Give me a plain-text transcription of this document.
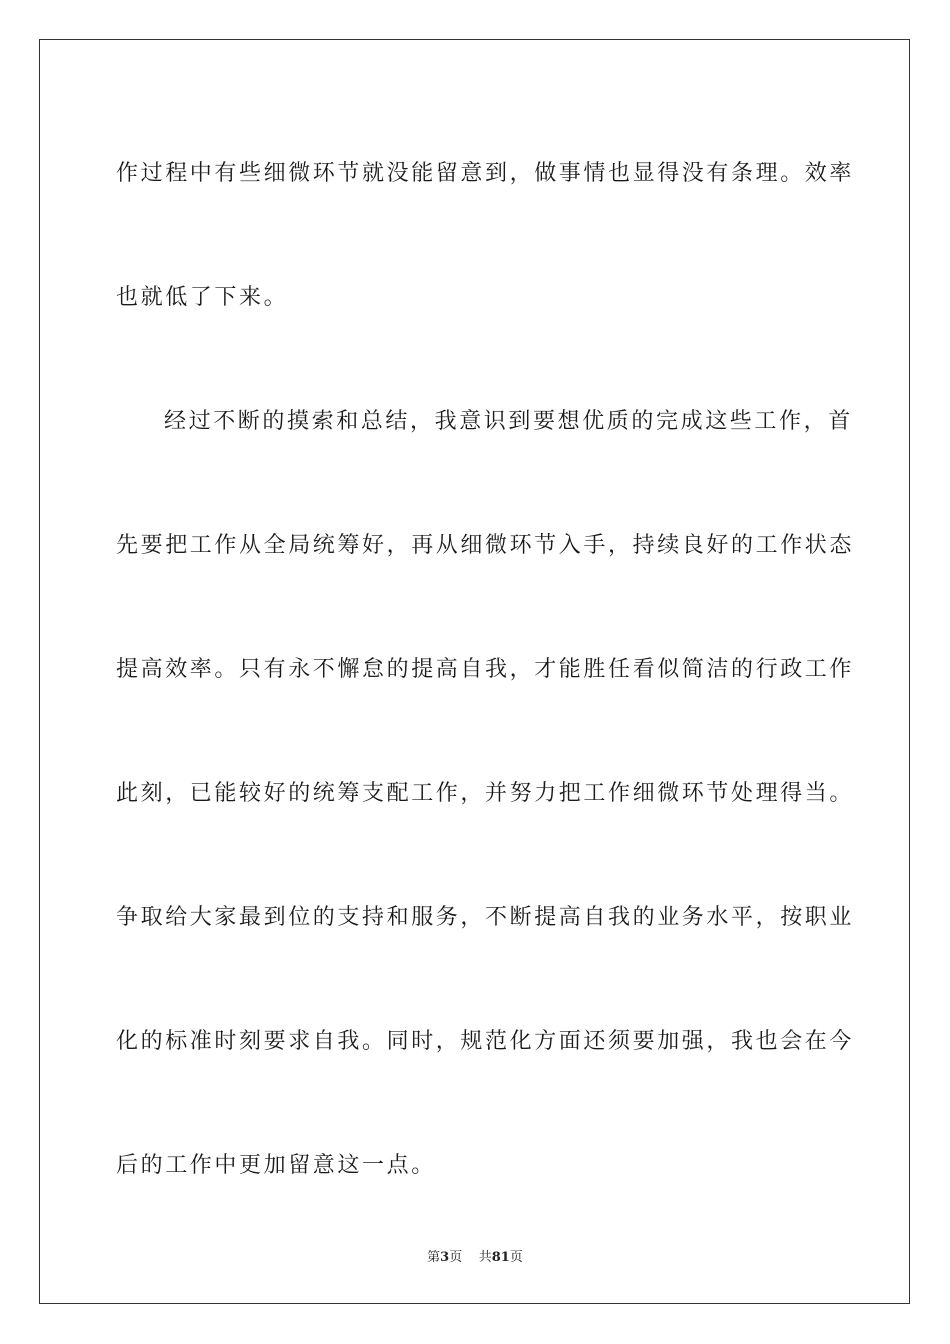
作过程中有些细微环节就没能留意到，做事情也显得没有条理。效率

也就低了下来。

经过不断的摸索和总结，我意识到要想优质的完成这些工作，首

先要把工作从全局统筹好，再从细微环节入手，持续良好的工作状态

提高效率。只有永不懈怠的提高自我，才能胜任看似简洁的行政工作

此刻，已能较好的统筹支配工作，并努力把工作细微环节处理得当。

争取给大家最到位的支持和服务，不断提高自我的业务水平，按职业

化的标准时刻要求自我。同时，规范化方面还须要加强，我也会在今

后的工作中更加留意这一点。

第3页 共81页
